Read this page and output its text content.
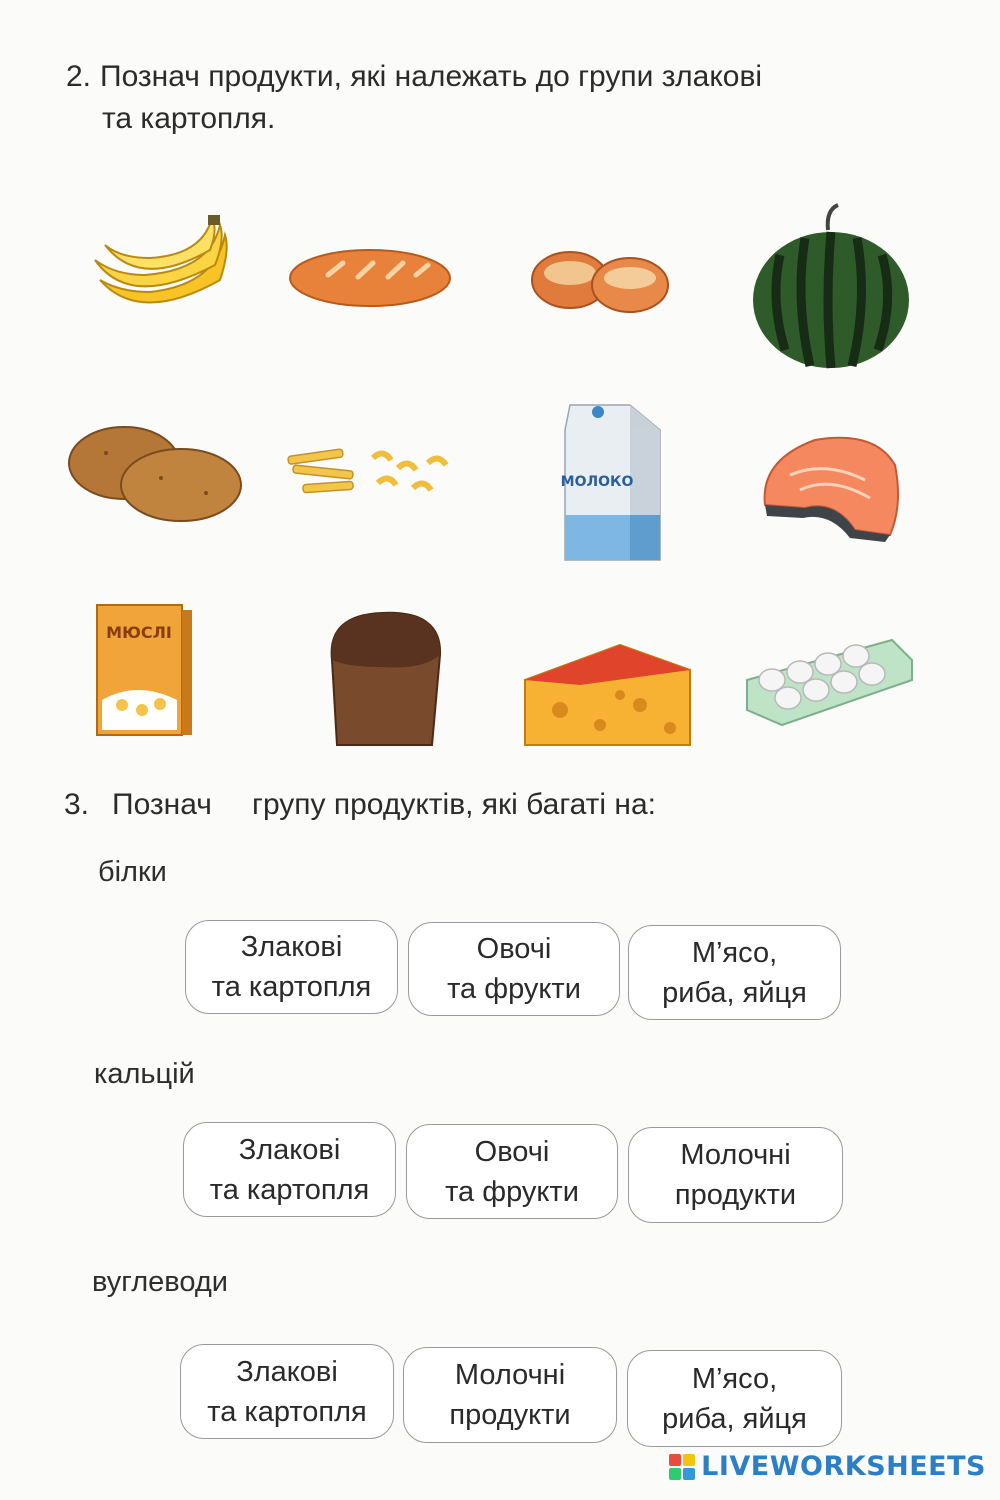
2. Познач продукти, які належать до групи злакові
та картопля.
МОЛОКО
МЮСЛІ
3. Познач групу продуктів, які багаті на:
білки
Злакові
та картопля
Овочі
та фрукти
М’ясо,
риба, яйця
кальцій
Злакові
та картопля
Овочі
та фрукти
Молочні
продукти
вуглеводи
Злакові
та картопля
Молочні
продукти
М’ясо,
риба, яйця
LIVEWORKSHEETS
